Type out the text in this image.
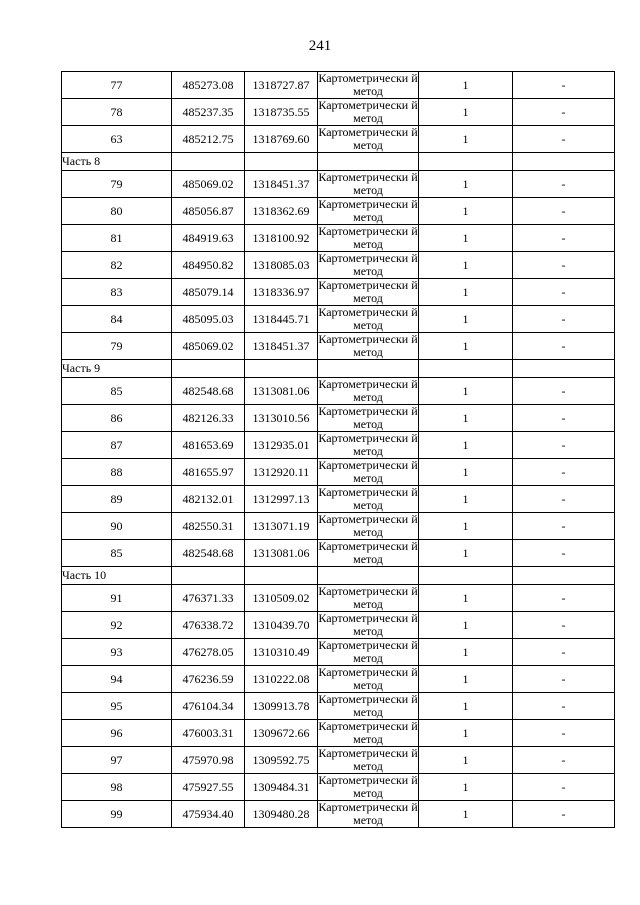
241
77	485273.08	1318727.87	Картометрически й метод	1	-
78	485237.35	1318735.55	Картометрически й метод	1	-
63	485212.75	1318769.60	Картометрически й метод	1	-
Часть 8					
79	485069.02	1318451.37	Картометрически й метод	1	-
80	485056.87	1318362.69	Картометрически й метод	1	-
81	484919.63	1318100.92	Картометрически й метод	1	-
82	484950.82	1318085.03	Картометрически й метод	1	-
83	485079.14	1318336.97	Картометрически й метод	1	-
84	485095.03	1318445.71	Картометрически й метод	1	-
79	485069.02	1318451.37	Картометрически й метод	1	-
Часть 9					
85	482548.68	1313081.06	Картометрически й метод	1	-
86	482126.33	1313010.56	Картометрически й метод	1	-
87	481653.69	1312935.01	Картометрически й метод	1	-
88	481655.97	1312920.11	Картометрически й метод	1	-
89	482132.01	1312997.13	Картометрически й метод	1	-
90	482550.31	1313071.19	Картометрически й метод	1	-
85	482548.68	1313081.06	Картометрически й метод	1	-
Часть 10					
91	476371.33	1310509.02	Картометрически й метод	1	-
92	476338.72	1310439.70	Картометрически й метод	1	-
93	476278.05	1310310.49	Картометрически й метод	1	-
94	476236.59	1310222.08	Картометрически й метод	1	-
95	476104.34	1309913.78	Картометрически й метод	1	-
96	476003.31	1309672.66	Картометрически й метод	1	-
97	475970.98	1309592.75	Картометрически й метод	1	-
98	475927.55	1309484.31	Картометрически й метод	1	-
99	475934.40	1309480.28	Картометрически й метод	1	-
